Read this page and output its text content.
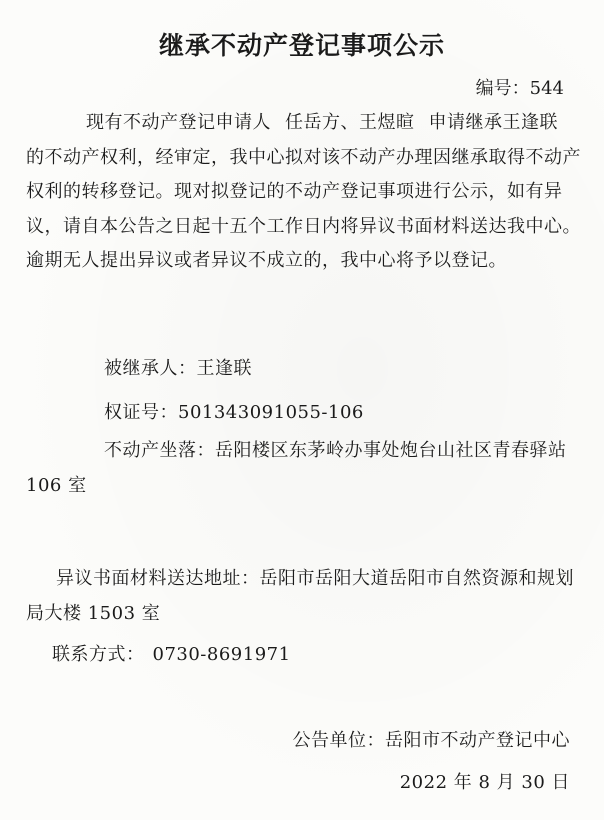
继承不动产登记事项公示
编号：544
现有不动产登记申请人 任岳方、王煜暄 申请继承王逢联的不动产权利，经审定，我中心拟对该不动产办理因继承取得不动产权利的转移登记。现对拟登记的不动产登记事项进行公示，如有异议，请自本公告之日起十五个工作日内将异议书面材料送达我中心。逾期无人提出异议或者异议不成立的，我中心将予以登记。
被继承人：王逢联
权证号：501343091055-106
不动产坐落：岳阳楼区东茅岭办事处炮台山社区青春驿站 106 室
异议书面材料送达地址：岳阳市岳阳大道岳阳市自然资源和规划局大楼 1503 室
联系方式： 0730-8691971
公告单位：岳阳市不动产登记中心
2022 年 8 月 30 日
